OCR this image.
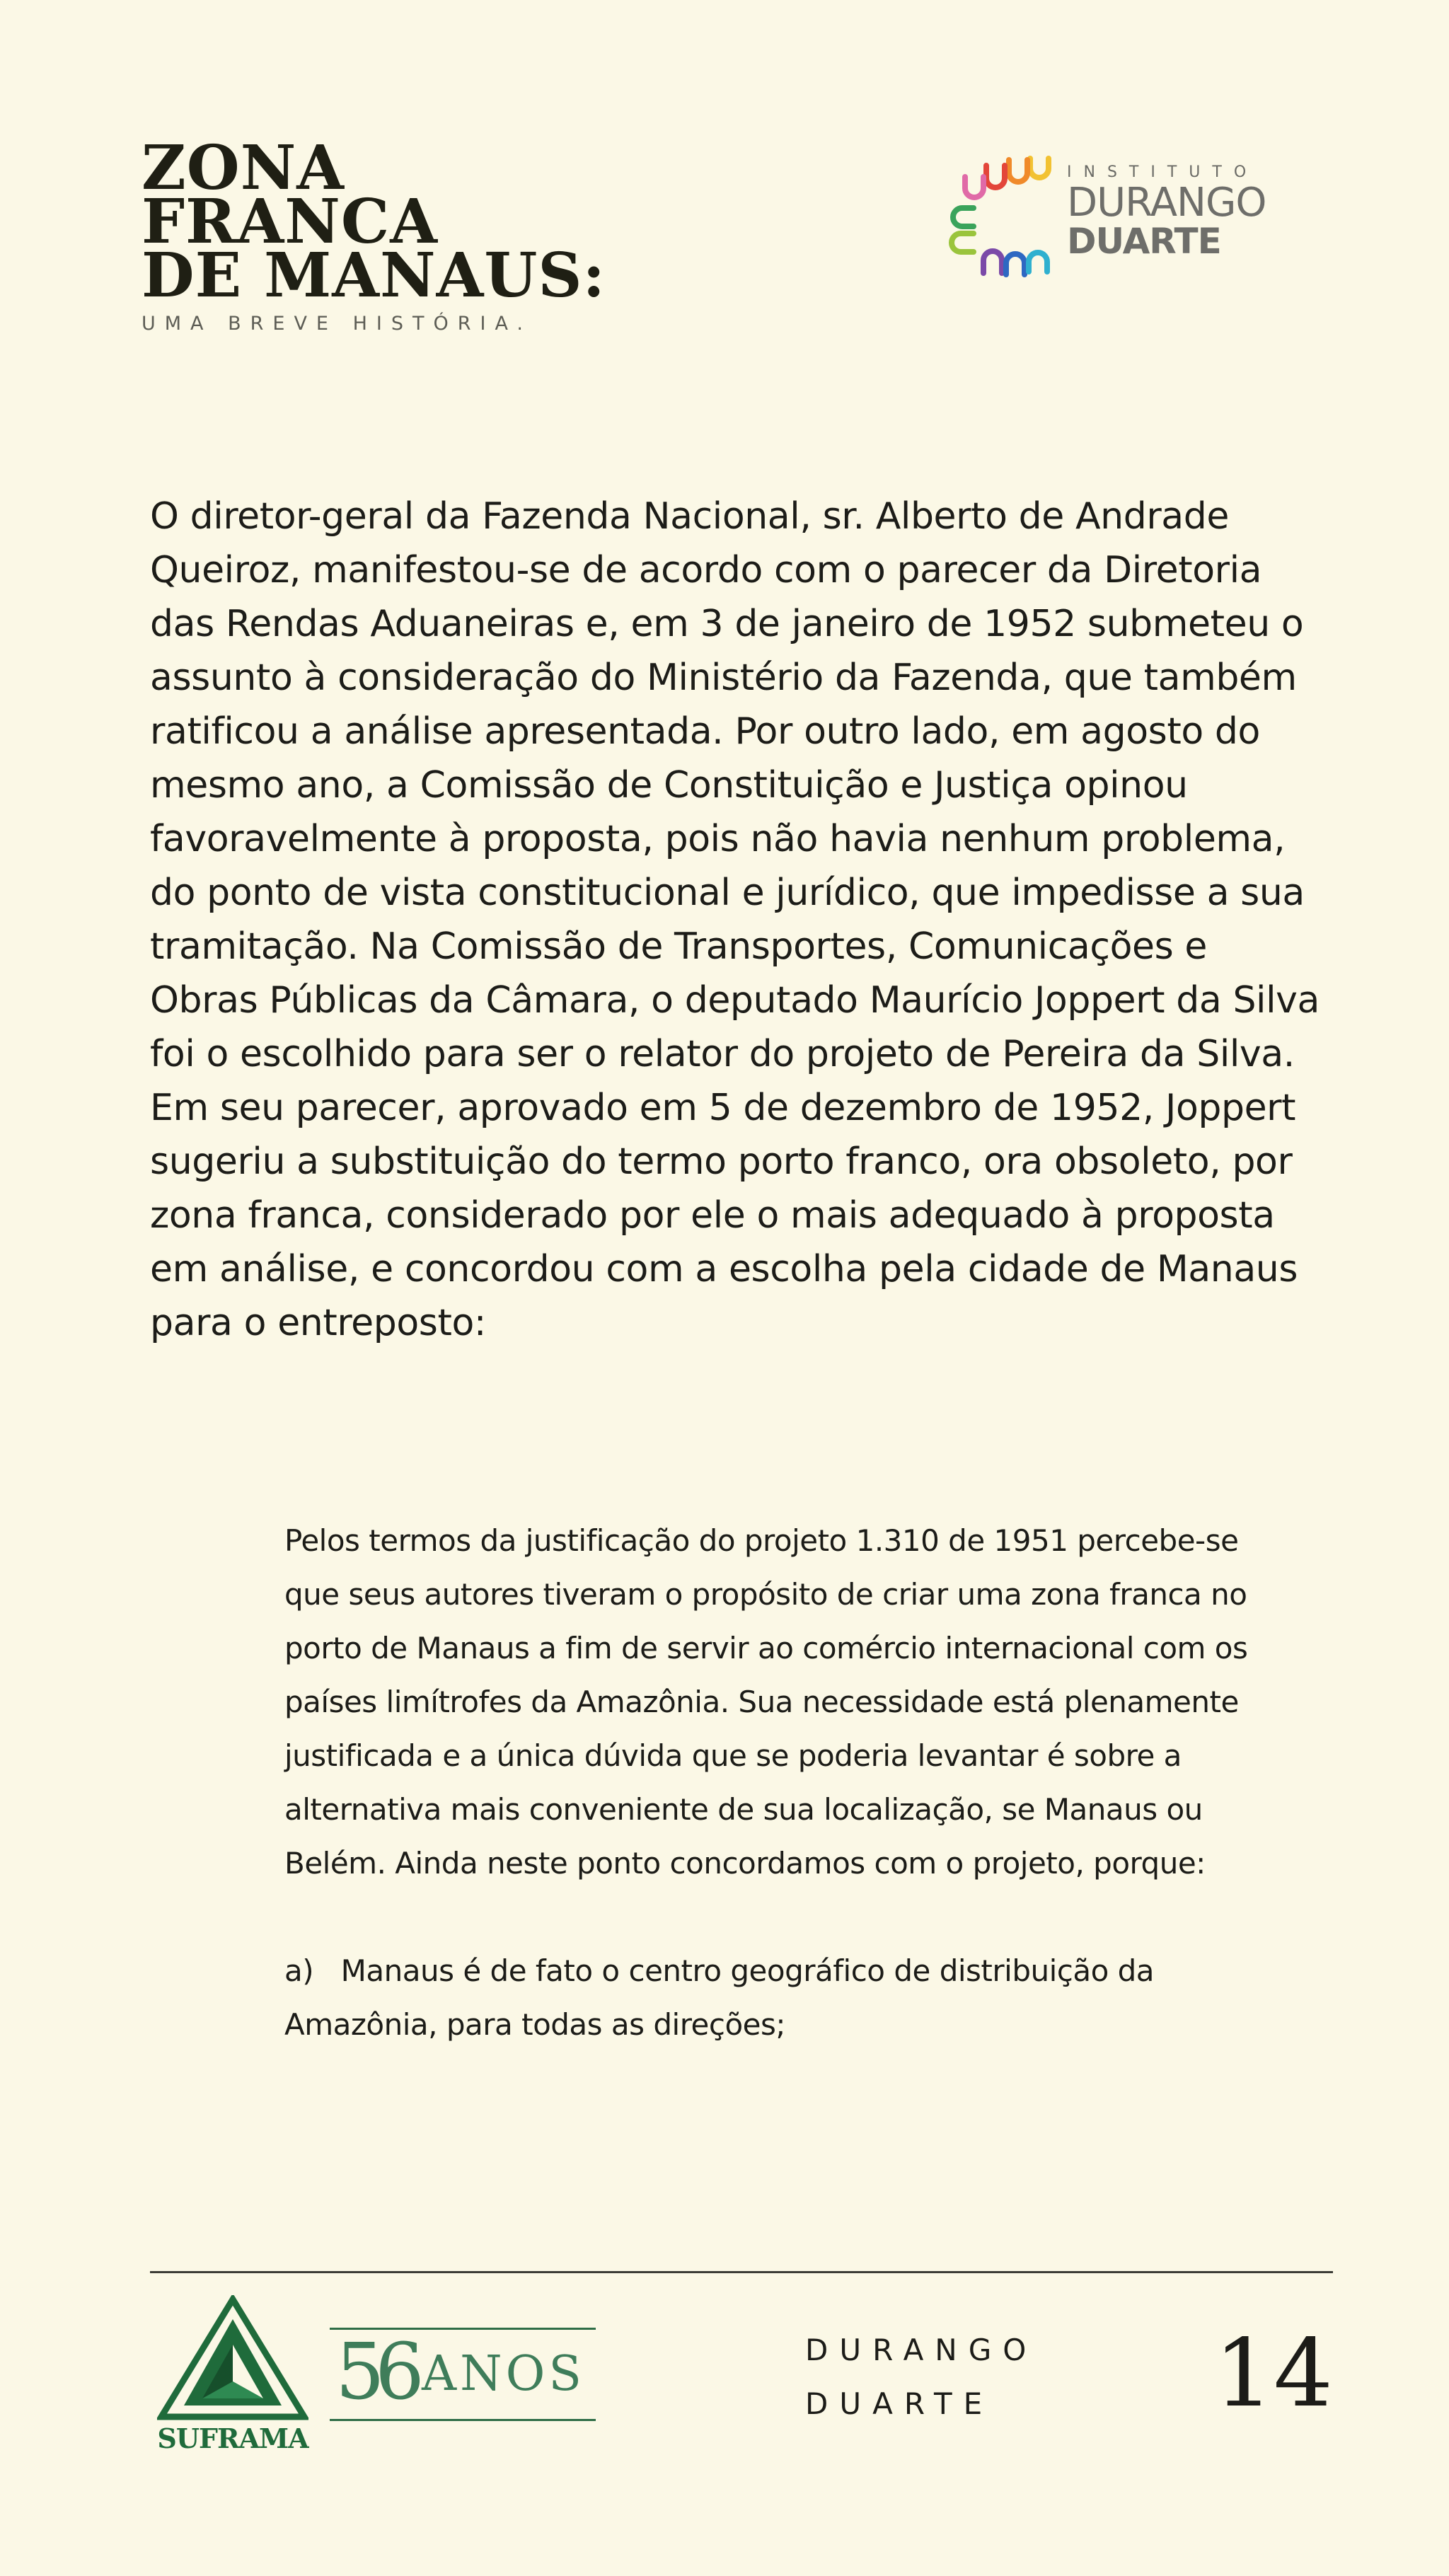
ZONA
FRANCA
DE MANAUS:
UMA BREVE HISTÓRIA.
INSTITUTO
DURANGO
DUARTE

O diretor-geral da Fazenda Nacional, sr. Alberto de Andrade Queiroz, manifestou-se de acordo com o parecer da Diretoria das Rendas Aduaneiras e, em 3 de janeiro de 1952 submeteu o assunto à consideração do Ministério da Fazenda, que também ratificou a análise apresentada. Por outro lado, em agosto do mesmo ano, a Comissão de Constituição e Justiça opinou favoravelmente à proposta, pois não havia nenhum problema, do ponto de vista constitucional e jurídico, que impedisse a sua tramitação. Na Comissão de Transportes, Comunicações e Obras Públicas da Câmara, o deputado Maurício Joppert da Silva foi o escolhido para ser o relator do projeto de Pereira da Silva. Em seu parecer, aprovado em 5 de dezembro de 1952, Joppert sugeriu a substituição do termo porto franco, ora obsoleto, por zona franca, considerado por ele o mais adequado à proposta em análise, e concordou com a escolha pela cidade de Manaus para o entreposto:

Pelos termos da justificação do projeto 1.310 de 1951 percebe-se que seus autores tiveram o propósito de criar uma zona franca no porto de Manaus a fim de servir ao comércio internacional com os países limítrofes da Amazônia. Sua necessidade está plenamente justificada e a única dúvida que se poderia levantar é sobre a alternativa mais conveniente de sua localização, se Manaus ou Belém. Ainda neste ponto concordamos com o projeto, porque:

a)   Manaus é de fato o centro geográfico de distribuição da Amazônia, para todas as direções;

SUFRAMA
56 ANOS	DURANGO
DUARTE	14
